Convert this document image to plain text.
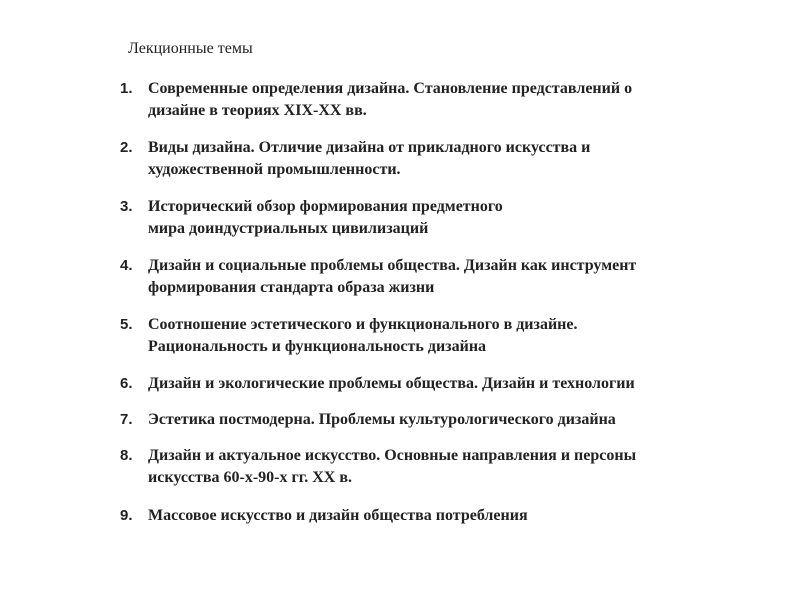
Лекционные темы
1. Современные определения дизайна. Становление представлений о
дизайне в теориях XIX-XX вв.
2. Виды дизайна. Отличие дизайна от прикладного искусства и
художественной промышленности.
3. Исторический обзор формирования предметного
мира доиндустриальных цивилизаций
4. Дизайн и социальные проблемы общества. Дизайн как инструмент
формирования стандарта образа жизни
5. Соотношение эстетического и функционального в дизайне.
Рациональность и функциональность дизайна
6. Дизайн и экологические проблемы общества. Дизайн и технологии
7. Эстетика постмодерна. Проблемы культурологического дизайна
8. Дизайн и актуальное искусство. Основные направления и персоны
искусства 60-х-90-х гг. XX в.
9. Массовое искусство и дизайн общества потребления
